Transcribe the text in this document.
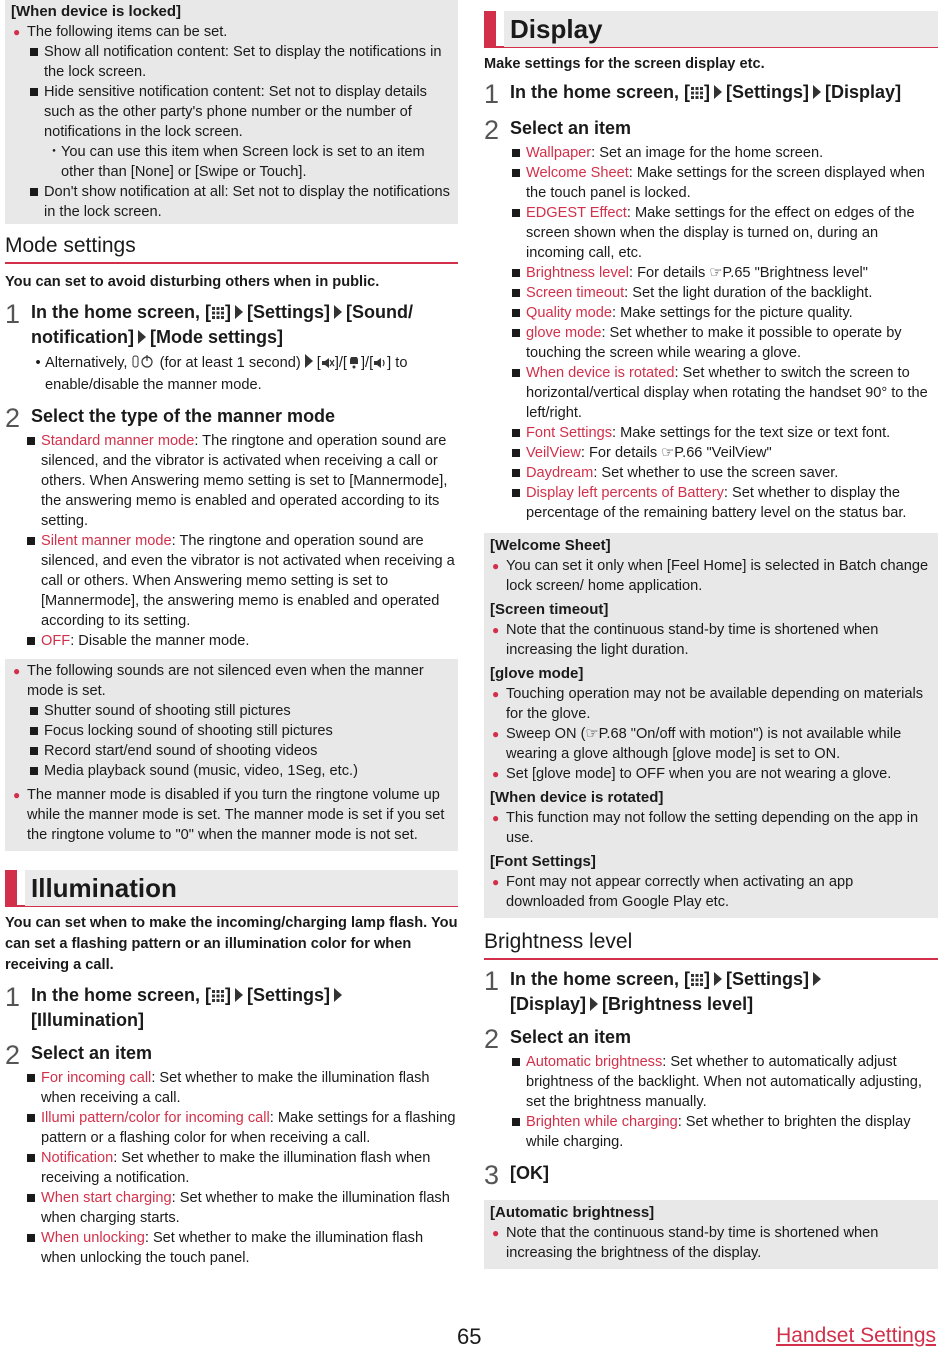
[When device is locked]
● The following items can be set.
Show all notification content: Set to display the notifications in the lock screen.
Hide sensitive notification content: Set not to display details such as the other party's phone number or the number of notifications in the lock screen.
･ You can use this item when Screen lock is set to an item other than [None] or [Swipe or Touch].
Don't show notification at all: Set not to display the notifications in the lock screen.
Mode settings
You can set to avoid disturbing others when in public.
1 In the home screen, [ ] [Settings] [Sound/ notification] [Mode settings]
• Alternatively, (for at least 1 second) [ ]/[ ]/[ ] to enable/disable the manner mode.
2 Select the type of the manner mode
Standard manner mode: The ringtone and operation sound are silenced, and the vibrator is activated when receiving a call or others. When Answering memo setting is set to [Mannermode], the answering memo is enabled and operated according to its setting.
Silent manner mode: The ringtone and operation sound are silenced, and even the vibrator is not activated when receiving a call or others. When Answering memo setting is set to [Mannermode], the answering memo is enabled and operated according to its setting.
OFF: Disable the manner mode.
● The following sounds are not silenced even when the manner mode is set.
Shutter sound of shooting still pictures
Focus locking sound of shooting still pictures
Record start/end sound of shooting videos
Media playback sound (music, video, 1Seg, etc.)
● The manner mode is disabled if you turn the ringtone volume up while the manner mode is set. The manner mode is set if you set the ringtone volume to "0" when the manner mode is not set.
Illumination
You can set when to make the incoming/charging lamp flash. You can set a flashing pattern or an illumination color for when receiving a call.
1 In the home screen, [ ] [Settings]
[Illumination]
2 Select an item
For incoming call: Set whether to make the illumination flash when receiving a call.
Illumi pattern/color for incoming call: Make settings for a flashing pattern or a flashing color for when receiving a call.
Notification: Set whether to make the illumination flash when receiving a notification.
When start charging: Set whether to make the illumination flash when charging starts.
When unlocking: Set whether to make the illumination flash when unlocking the touch panel.
Display
Make settings for the screen display etc.
1 In the home screen, [ ] [Settings] [Display]
2 Select an item
Wallpaper: Set an image for the home screen.
Welcome Sheet: Make settings for the screen displayed when the touch panel is locked.
EDGEST Effect: Make settings for the effect on edges of the screen shown when the display is turned on, during an incoming call, etc.
Brightness level: For details ☞P.65 "Brightness level"
Screen timeout: Set the light duration of the backlight.
Quality mode: Make settings for the picture quality.
glove mode: Set whether to make it possible to operate by touching the screen while wearing a glove.
When device is rotated: Set whether to switch the screen to horizontal/vertical display when rotating the handset 90° to the left/right.
Font Settings: Make settings for the text size or text font.
VeilView: For details ☞P.66 "VeilView"
Daydream: Set whether to use the screen saver.
Display left percents of Battery: Set whether to display the percentage of the remaining battery level on the status bar.
[Welcome Sheet]
● You can set it only when [Feel Home] is selected in Batch change lock screen/ home application.
[Screen timeout]
● Note that the continuous stand-by time is shortened when increasing the light duration.
[glove mode]
● Touching operation may not be available depending on materials for the glove.
● Sweep ON (☞P.68 "On/off with motion") is not available while wearing a glove although [glove mode] is set to ON.
● Set [glove mode] to OFF when you are not wearing a glove.
[When device is rotated]
● This function may not follow the setting depending on the app in use.
[Font Settings]
● Font may not appear correctly when activating an app downloaded from Google Play etc.
Brightness level
1 In the home screen, [ ] [Settings]
[Display] [Brightness level]
2 Select an item
Automatic brightness: Set whether to automatically adjust brightness of the backlight. When not automatically adjusting, set the brightness manually.
Brighten while charging: Set whether to brighten the display while charging.
3 [OK]
[Automatic brightness]
● Note that the continuous stand-by time is shortened when increasing the brightness of the display.
65	Handset Settings
